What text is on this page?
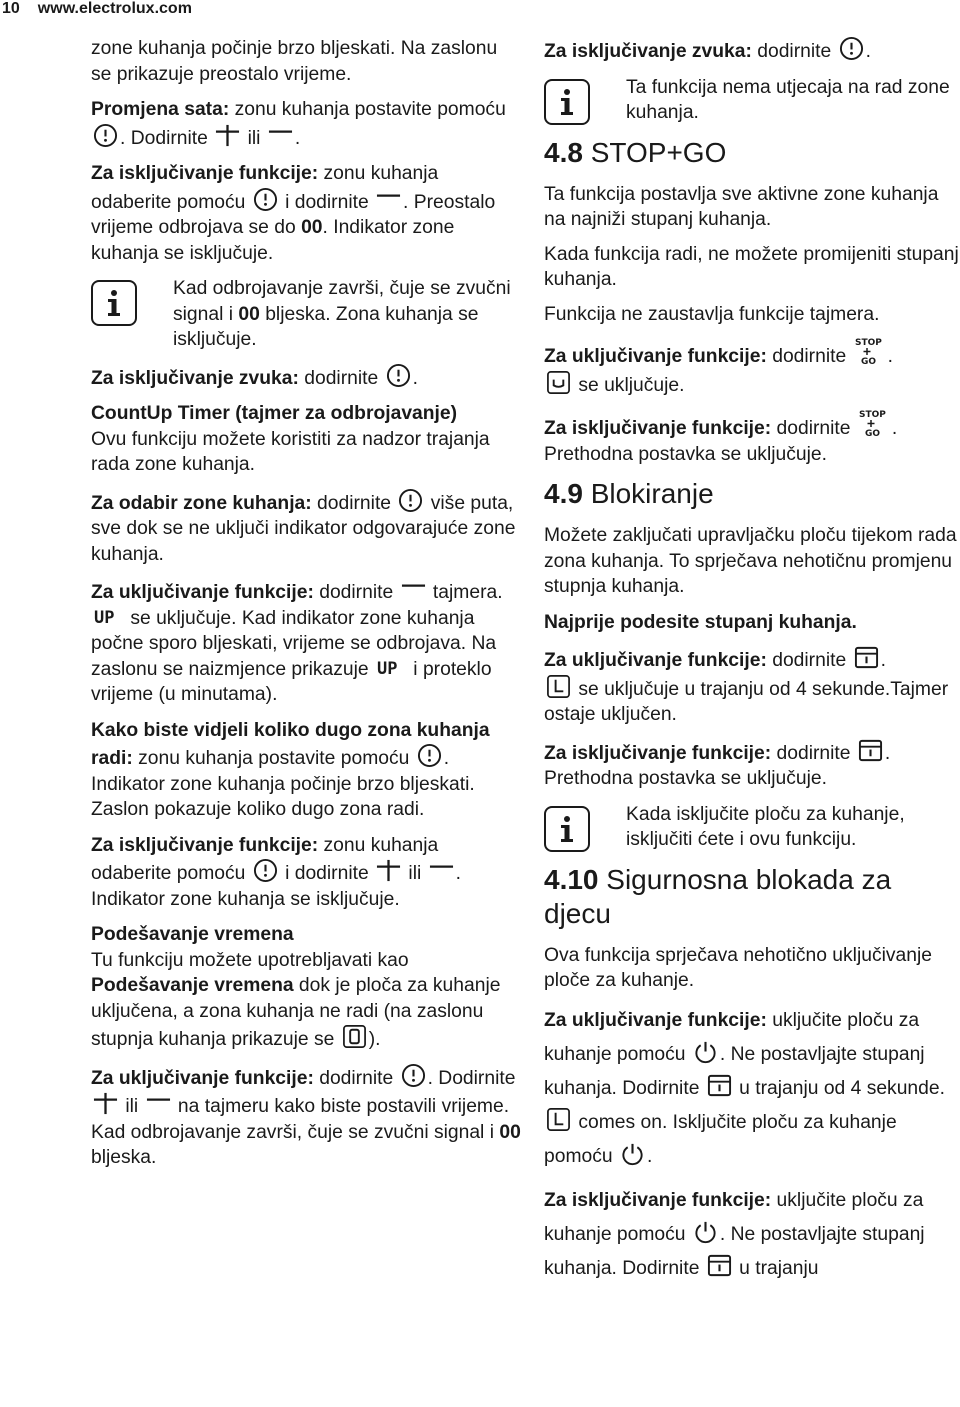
10 www.electrolux.com

zone kuhanja počinje brzo bljeskati. Na zaslonu se prikazuje preostalo vrijeme.

Promjena sata: zonu kuhanja postavite pomoću
. Dodirnite
ili .

Za isključivanje funkcije: zonu kuhanja odaberite pomoću
i dodirnite . Preostalo vrijeme odbrojava se do 00. Indikator zone kuhanja se isključuje.

Kad odbrojavanje završi, čuje se zvučni signal i 00 bljeska. Zona kuhanja se isključuje.

Za isključivanje zvuka: dodirnite .

CountUp Timer (tajmer za odbrojavanje)
Ovu funkciju možete koristiti za nadzor trajanja rada zone kuhanja.

Za odabir zone kuhanja: dodirnite
više puta, sve dok se ne uključi indikator odgovarajuće zone kuhanja.

Za uključivanje funkcije: dodirnite
tajmera.
UP se uključuje. Kad indikator zone kuhanja počne sporo bljeskati, vrijeme se odbrojava. Na zaslonu se naizmjence prikazuje UP i proteklo vrijeme (u minutama).

Kako biste vidjeli koliko dugo zona kuhanja radi: zonu kuhanja postavite pomoću . Indikator zone kuhanja počinje brzo bljeskati. Zaslon pokazuje koliko dugo zona radi.

Za isključivanje funkcije: zonu kuhanja odaberite pomoću
i dodirnite
ili . Indikator zone kuhanja se isključuje.

Podešavanje vremena
Tu funkciju možete upotrebljavati kao Podešavanje vremena dok je ploča za kuhanje uključena, a zona kuhanja ne radi (na zaslonu stupnja kuhanja prikazuje se ).

Za uključivanje funkcije: dodirnite . Dodirnite
ili
na tajmeru kako biste postavili vrijeme. Kad odbrojavanje završi, čuje se zvučni signal i 00 bljeska.

Za isključivanje zvuka: dodirnite .

Ta funkcija nema utjecaja na rad zone kuhanja.
4.8 STOP+GO

Ta funkcija postavlja sve aktivne zone kuhanja na najniži stupanj kuhanja.

Kada funkcija radi, ne možete promijeniti stupanj kuhanja.

Funkcija ne zaustavlja funkcije tajmera.

Za uključivanje funkcije: dodirnite
STOP
GO .

se uključuje.

Za isključivanje funkcije: dodirnite
STOP
GO . Prethodna postavka se uključuje.

4.9 Blokiranje

Možete zaključati upravljačku ploču tijekom rada zona kuhanja. To sprječava nehotičnu promjenu stupnja kuhanja.

Najprije podesite stupanj kuhanja.

Za uključivanje funkcije: dodirnite .

se uključuje u trajanju od 4 sekunde.Tajmer ostaje uključen.

Za isključivanje funkcije: dodirnite . Prethodna postavka se uključuje.

Kada isključite ploču za kuhanje, isključiti ćete i ovu funkciju.
4.10 Sigurnosna blokada za djecu

Ova funkcija sprječava nehotično uključivanje ploče za kuhanje.

Za uključivanje funkcije: uključite ploču za kuhanje pomoću . Ne postavljajte stupanj kuhanja. Dodirnite
u trajanju od 4 sekunde.
comes on. Isključite ploču za kuhanje pomoću .

Za isključivanje funkcije: uključite ploču za kuhanje pomoću . Ne postavljajte stupanj kuhanja. Dodirnite
u trajanju
